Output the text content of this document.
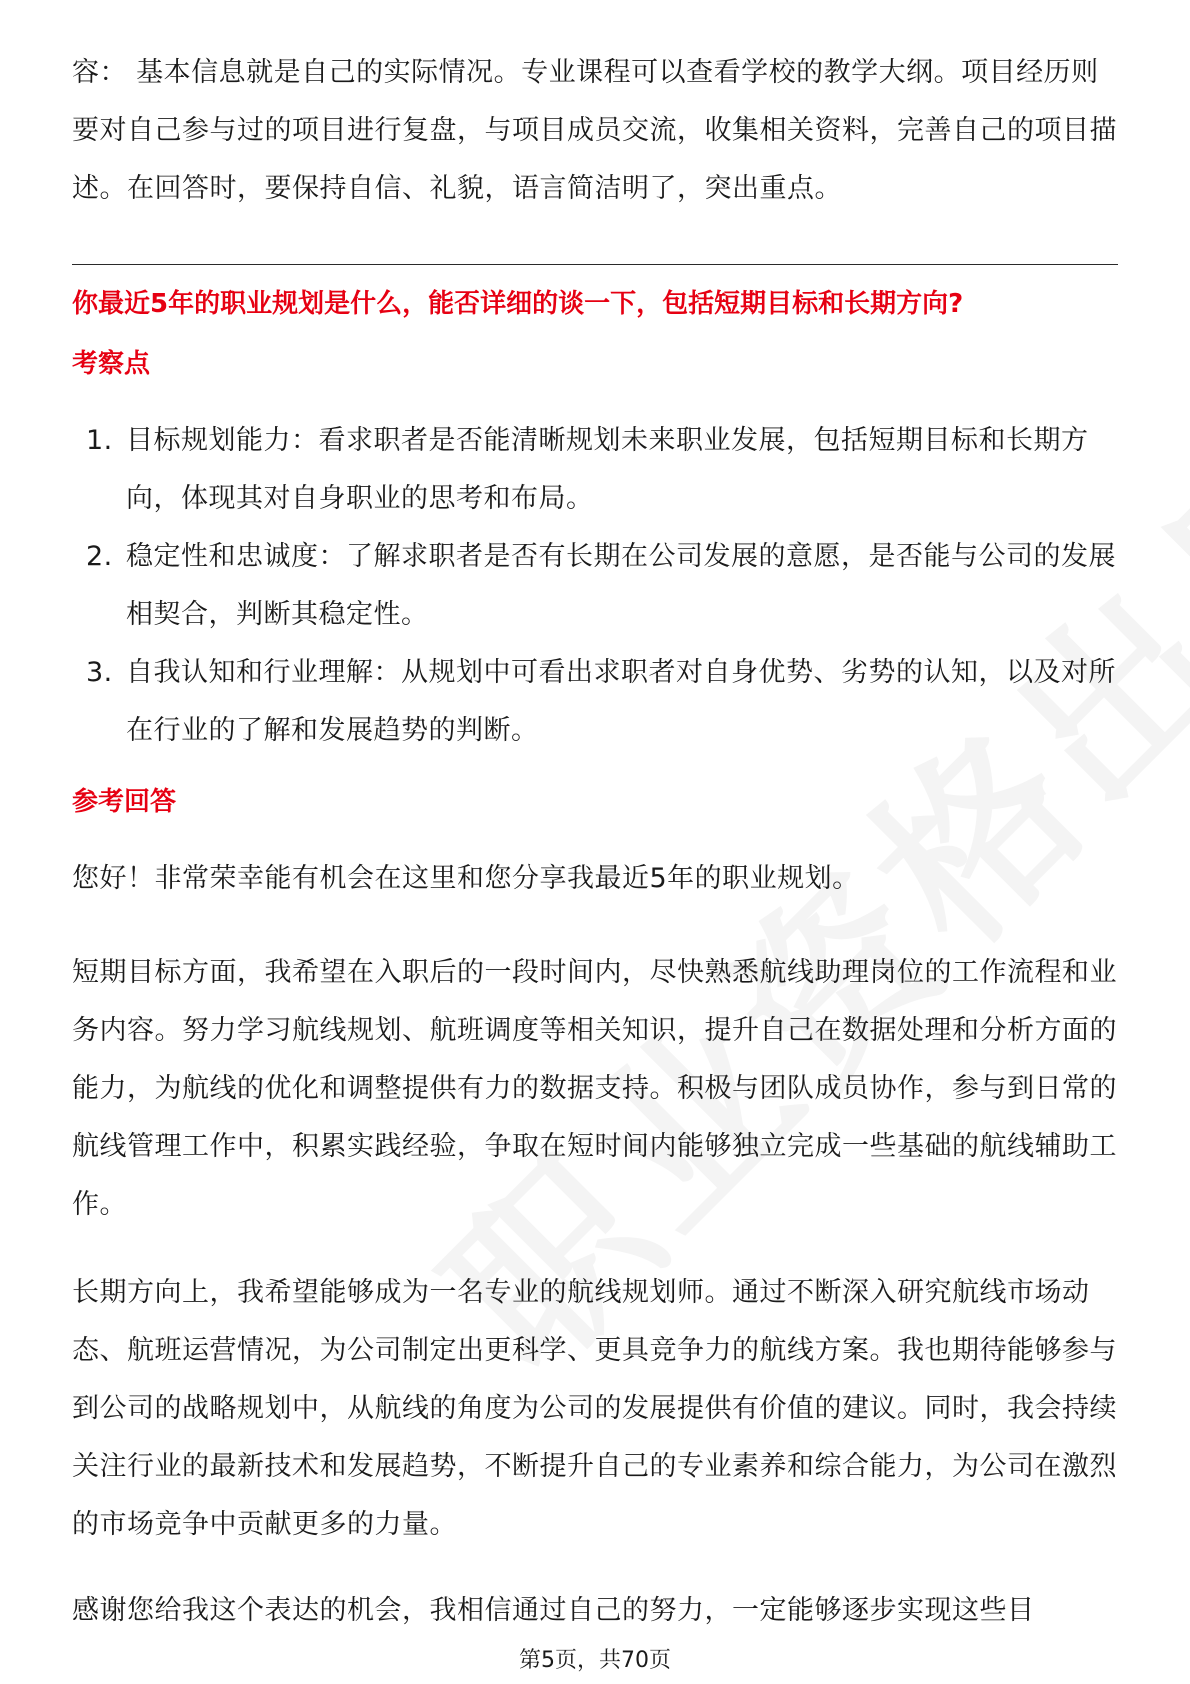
容： 基本信息就是自己的实际情况。专业课程可以查看学校的教学大纲。项目经历则要对自己参与过的项目进行复盘，与项目成员交流，收集相关资料，完善自己的项目描述。在回答时，要保持自信、礼貌，语言简洁明了，突出重点。

你最近5年的职业规划是什么，能否详细的谈一下，包括短期目标和长期方向?

考察点

1. 目标规划能力：看求职者是否能清晰规划未来职业发展，包括短期目标和长期方向，体现其对自身职业的思考和布局。
2. 稳定性和忠诚度：了解求职者是否有长期在公司发展的意愿，是否能与公司的发展相契合，判断其稳定性。
3. 自我认知和行业理解：从规划中可看出求职者对自身优势、劣势的认知，以及对所在行业的了解和发展趋势的判断。

参考回答

您好！非常荣幸能有机会在这里和您分享我最近5年的职业规划。

短期目标方面，我希望在入职后的一段时间内，尽快熟悉航线助理岗位的工作流程和业务内容。努力学习航线规划、航班调度等相关知识，提升自己在数据处理和分析方面的能力，为航线的优化和调整提供有力的数据支持。积极与团队成员协作，参与到日常的航线管理工作中，积累实践经验，争取在短时间内能够独立完成一些基础的航线辅助工作。

长期方向上，我希望能够成为一名专业的航线规划师。通过不断深入研究航线市场动态、航班运营情况，为公司制定出更科学、更具竞争力的航线方案。我也期待能够参与到公司的战略规划中，从航线的角度为公司的发展提供有价值的建议。同时，我会持续关注行业的最新技术和发展趋势，不断提升自己的专业素养和综合能力，为公司在激烈的市场竞争中贡献更多的力量。

感谢您给我这个表达的机会，我相信通过自己的努力，一定能够逐步实现这些目

第5页，共70页
